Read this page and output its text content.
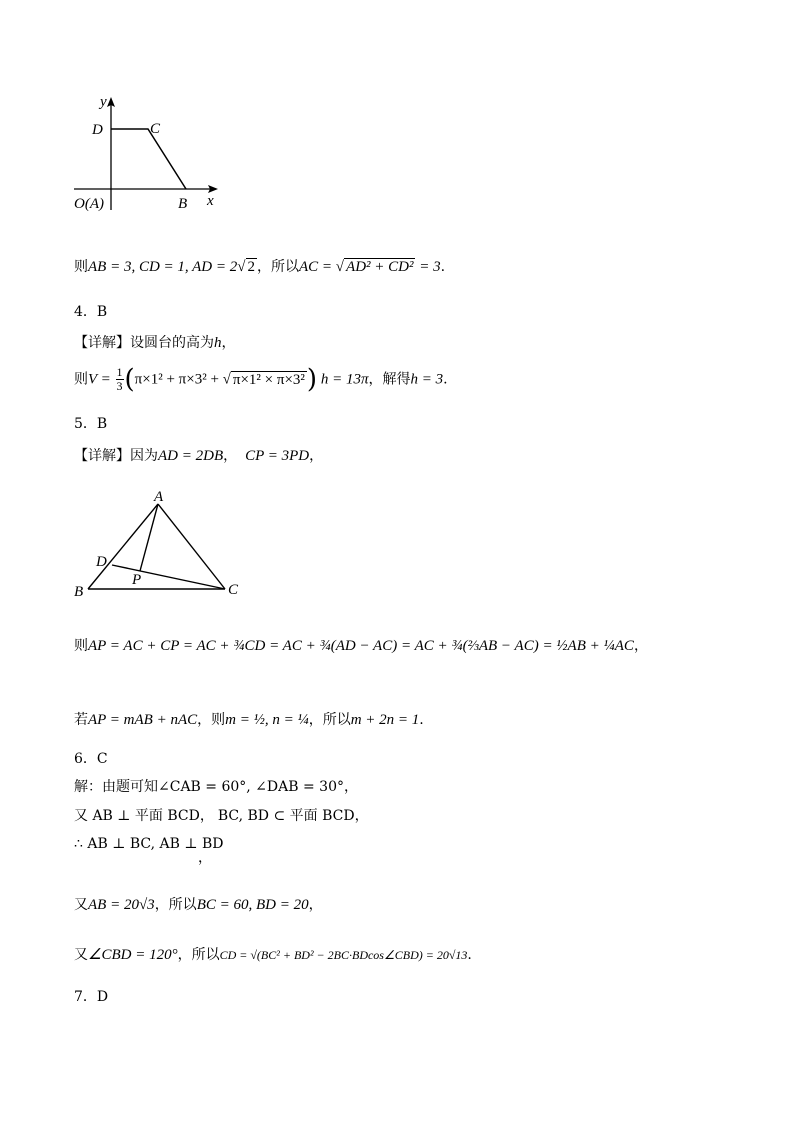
y
x
D	C
O(A)	B
则AB = 3, CD = 1, AD = 2√ 2 ，所以AC = √ AD² + CD² = 3.
4．B
【详解】设圆台的高为h，
则$V = \frac{1}{3} (\pi\times 1^2 + \pi\times 3^2$ + √ π×1² × π×3²) h = 13π，解得h = 3.
5．B
【详解】因为AD = 2DB， CP = 3PD，
A
D
P
B	C
则AP = AC + CP = AC + ¾CD = AC + ¾(AD − AC) = AC + ¾(⅔AB − AC) = ½AB + ¼AC，
若AP = mAB + nAC，则m = ½, n = ¼，所以m + 2n = 1.
6．C
解：由题可知∠CAB = 60°, ∠DAB = 30°，
又 AB ⊥ 平面 BCD， BC, BD ⊂ 平面 BCD，
∴ AB ⊥ BC, AB ⊥ BD
，
又AB = 20√3，所以BC = 60, BD = 20，
又∠CBD = 120°，所以CD = √(BC² + BD² − 2BC·BDcos∠CBD) = 20√13.
7．D
